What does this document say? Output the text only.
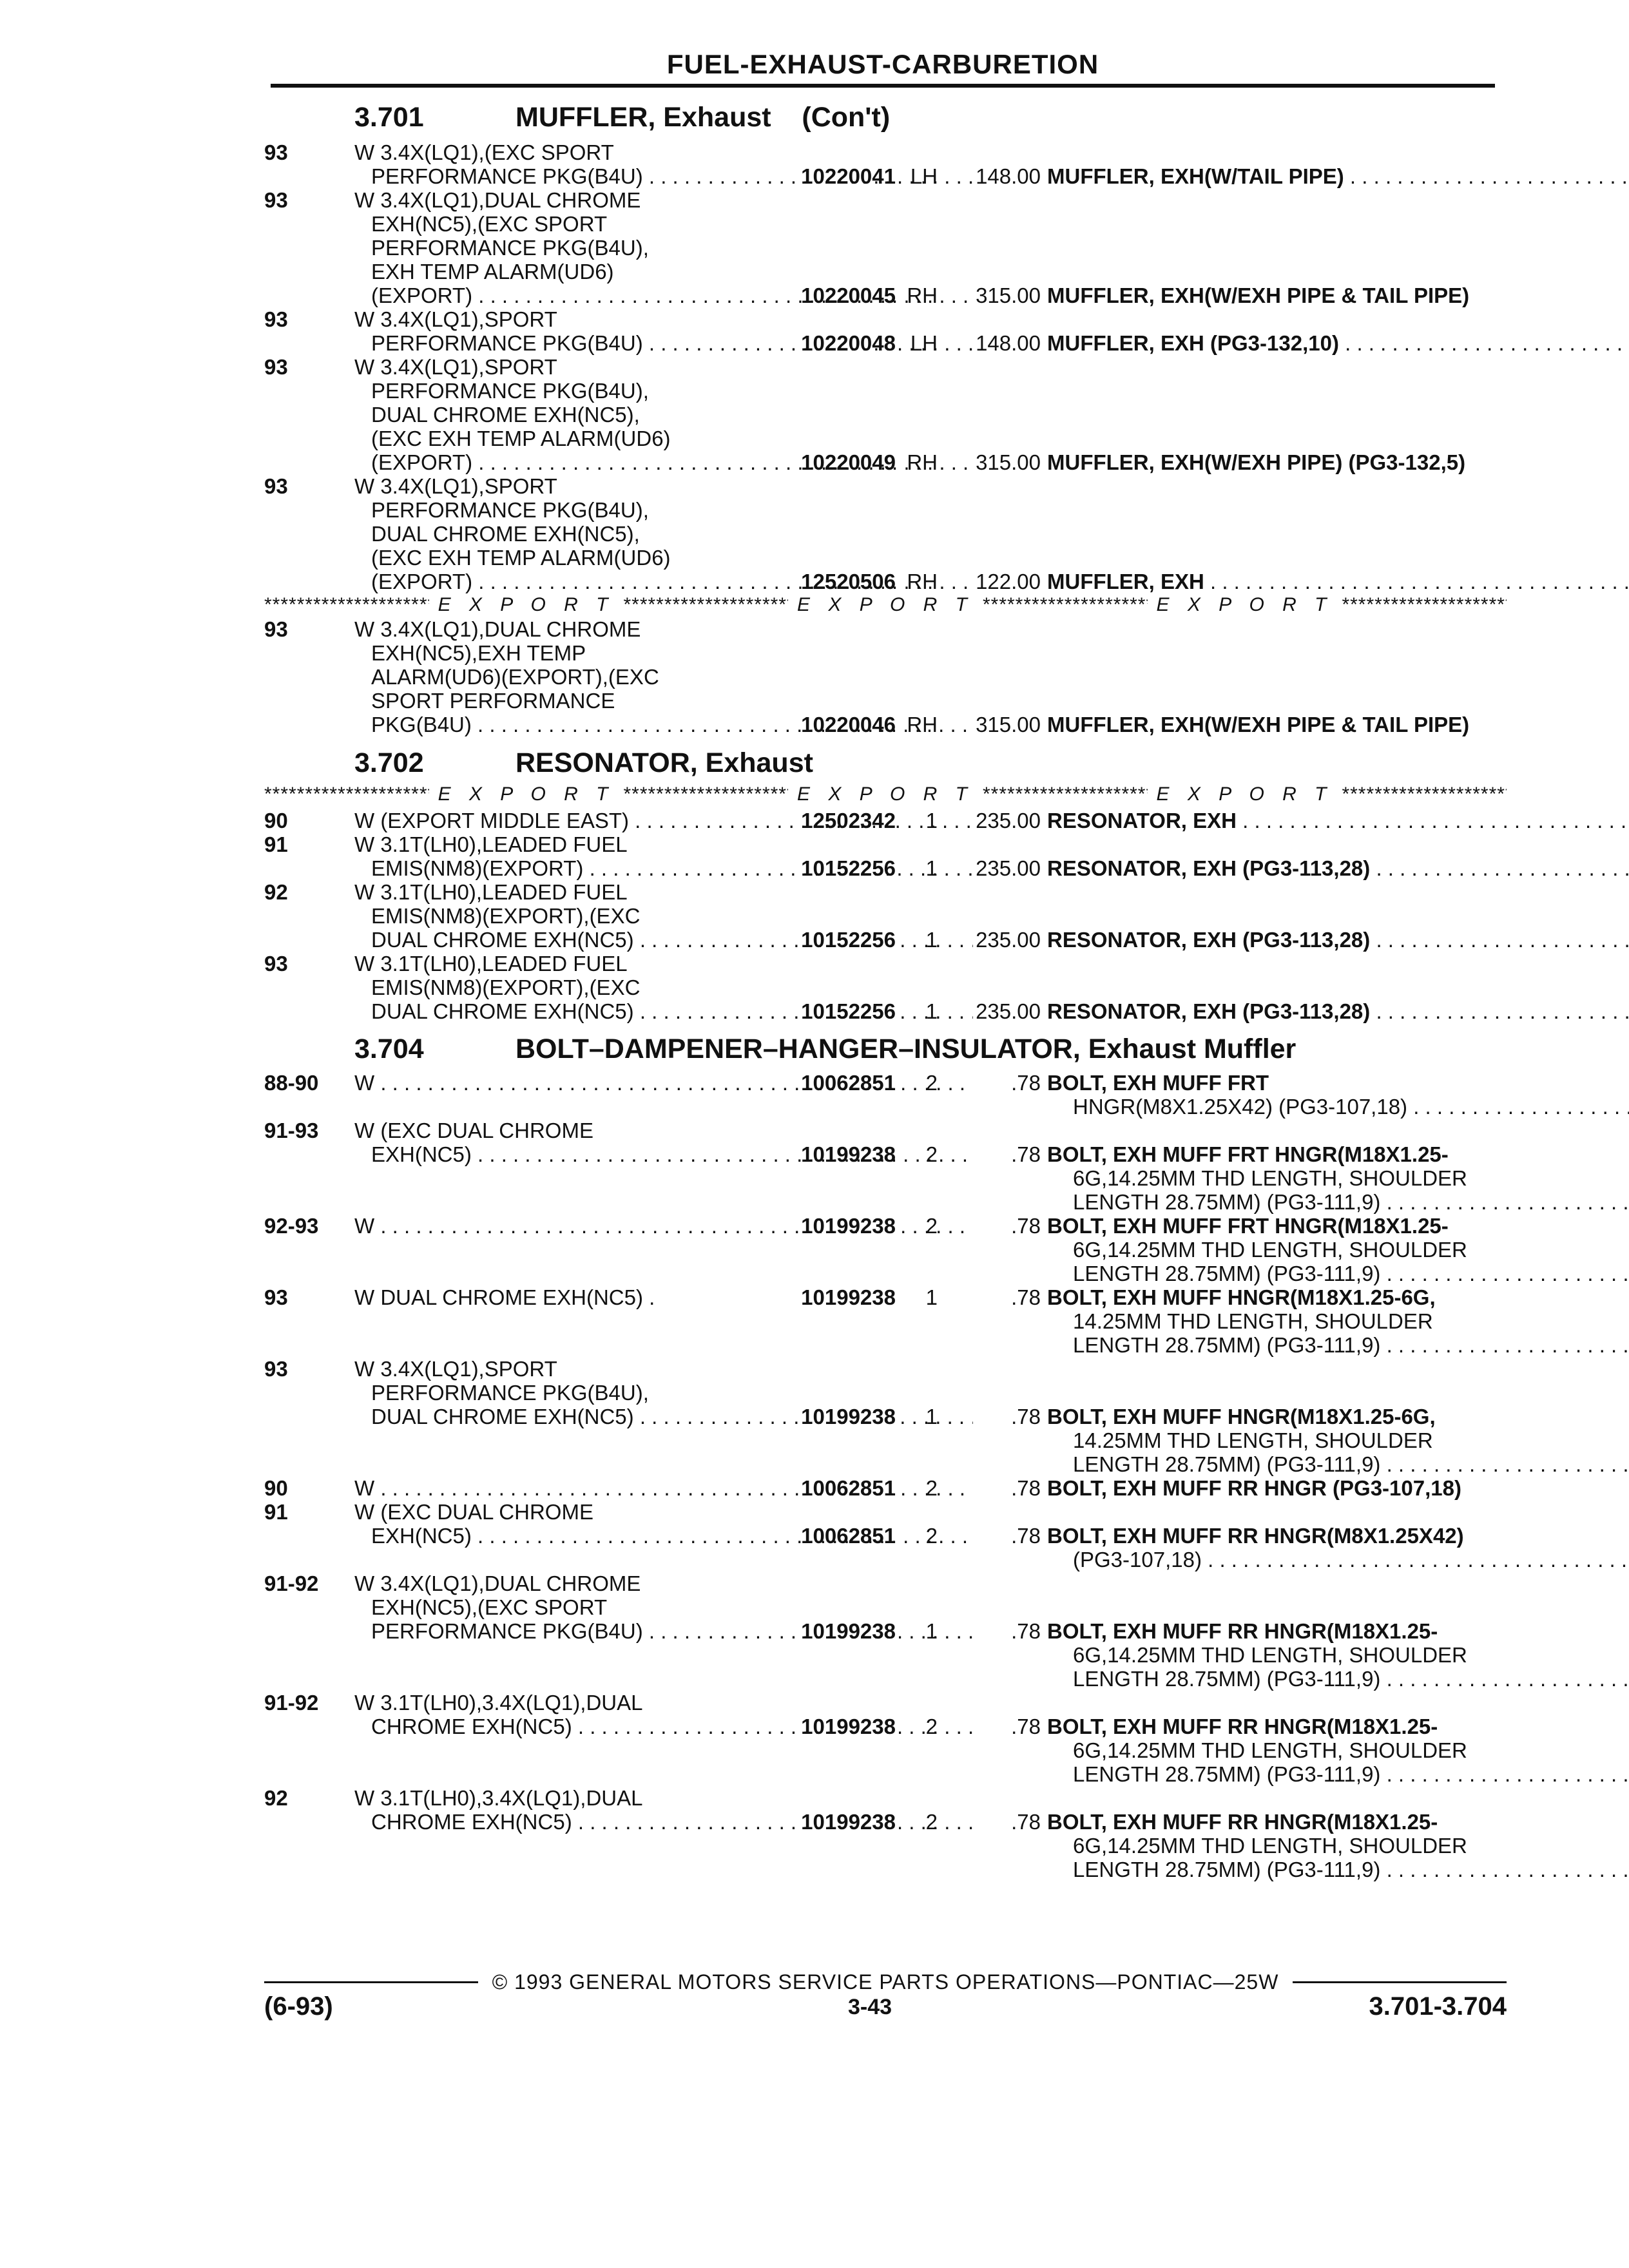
FUEL-EXHAUST-CARBURETION
3.701	MUFFLER, Exhaust (Con't)
93	W 3.4X(LQ1),(EXC SPORT
PERFORMANCE PKG(B4U) . . .	10220041 LH	148.00 MUFFLER, EXH(W/TAIL PIPE) . . .
93	W 3.4X(LQ1),DUAL CHROME
EXH(NC5),(EXC SPORT
PERFORMANCE PKG(B4U),
EXH TEMP ALARM(UD6)
(EXPORT) . . .	10220045 RH	315.00 MUFFLER, EXH(W/EXH PIPE & TAIL PIPE)
93	W 3.4X(LQ1),SPORT
PERFORMANCE PKG(B4U) . . .	10220048 LH	148.00 MUFFLER, EXH (PG3-132,10) . . .
93	W 3.4X(LQ1),SPORT
PERFORMANCE PKG(B4U),
DUAL CHROME EXH(NC5),
(EXC EXH TEMP ALARM(UD6)
(EXPORT) . . .	10220049 RH	315.00 MUFFLER, EXH(W/EXH PIPE) (PG3-132,5)
93	W 3.4X(LQ1),SPORT
PERFORMANCE PKG(B4U),
DUAL CHROME EXH(NC5),
(EXC EXH TEMP ALARM(UD6)
(EXPORT) . . .	12520506 RH	122.00 MUFFLER, EXH . . .
*****
E X P O R T *****	E X P O R T *****	E X P O R T
*****
93	W 3.4X(LQ1),DUAL CHROME
EXH(NC5),EXH TEMP
ALARM(UD6)(EXPORT),(EXC
SPORT PERFORMANCE
PKG(B4U) . . .	10220046 RH	315.00 MUFFLER, EXH(W/EXH PIPE & TAIL PIPE)
3.702	RESONATOR, Exhaust
*****
E X P O R T *****	E X P O R T *****	E X P O R T
*****
90	W (EXPORT MIDDLE EAST) . . .	12502342	1	235.00 RESONATOR, EXH . . .
91	W 3.1T(LH0),LEADED FUEL
EMIS(NM8)(EXPORT) . . .	10152256	1	235.00 RESONATOR, EXH (PG3-113,28) . . .
92	W 3.1T(LH0),LEADED FUEL
EMIS(NM8)(EXPORT),(EXC
DUAL CHROME EXH(NC5) . . .	10152256	1	235.00 RESONATOR, EXH (PG3-113,28) . . .
93	W 3.1T(LH0),LEADED FUEL
EMIS(NM8)(EXPORT),(EXC
DUAL CHROME EXH(NC5) . . .	10152256	1	235.00 RESONATOR, EXH (PG3-113,28) . . .
3.704	BOLT–DAMPENER–HANGER–INSULATOR, Exhaust Muffler
88-90 W . . .	10062851	2	.78 BOLT, EXH MUFF FRT
HNGR(M8X1.25X42) (PG3-107,18) . . .
91-93 W (EXC DUAL CHROME
EXH(NC5) . . .	10199238	2	.78 BOLT, EXH MUFF FRT HNGR(M18X1.25-
6G,14.25MM THD LENGTH, SHOULDER
LENGTH 28.75MM) (PG3-111,9) . . .
92-93 W . . .	10199238	2	.78 BOLT, EXH MUFF FRT HNGR(M18X1.25-
6G,14.25MM THD LENGTH, SHOULDER
LENGTH 28.75MM) (PG3-111,9) . . .
93	W DUAL CHROME EXH(NC5) .	10199238	1	.78 BOLT, EXH MUFF HNGR(M18X1.25-6G,
14.25MM THD LENGTH, SHOULDER
LENGTH 28.75MM) (PG3-111,9) . . .
93	W 3.4X(LQ1),SPORT
PERFORMANCE PKG(B4U),
DUAL CHROME EXH(NC5) . . .	10199238	1	.78 BOLT, EXH MUFF HNGR(M18X1.25-6G,
14.25MM THD LENGTH, SHOULDER
LENGTH 28.75MM) (PG3-111,9) . . .
90	W . . .	10062851	2	.78 BOLT, EXH MUFF RR HNGR (PG3-107,18)
91	W (EXC DUAL CHROME
EXH(NC5) . . .	10062851	2	.78 BOLT, EXH MUFF RR HNGR(M8X1.25X42)
(PG3-107,18) . . .
91-92 W 3.4X(LQ1),DUAL CHROME
EXH(NC5),(EXC SPORT
PERFORMANCE PKG(B4U) . . .	10199238	1	.78 BOLT, EXH MUFF RR HNGR(M18X1.25-
6G,14.25MM THD LENGTH, SHOULDER
LENGTH 28.75MM) (PG3-111,9) . . .
91-92 W 3.1T(LH0),3.4X(LQ1),DUAL
CHROME EXH(NC5) . . .	10199238	2	.78 BOLT, EXH MUFF RR HNGR(M18X1.25-
6G,14.25MM THD LENGTH, SHOULDER
LENGTH 28.75MM) (PG3-111,9) . . .
92	W 3.1T(LH0),3.4X(LQ1),DUAL
CHROME EXH(NC5) . . .	10199238	2	.78 BOLT, EXH MUFF RR HNGR(M18X1.25-
6G,14.25MM THD LENGTH, SHOULDER
LENGTH 28.75MM) (PG3-111,9) . . .
© 1993 GENERAL MOTORS SERVICE PARTS OPERATIONS—PONTIAC—25W
(6-93)	3-43	3.701-3.704
